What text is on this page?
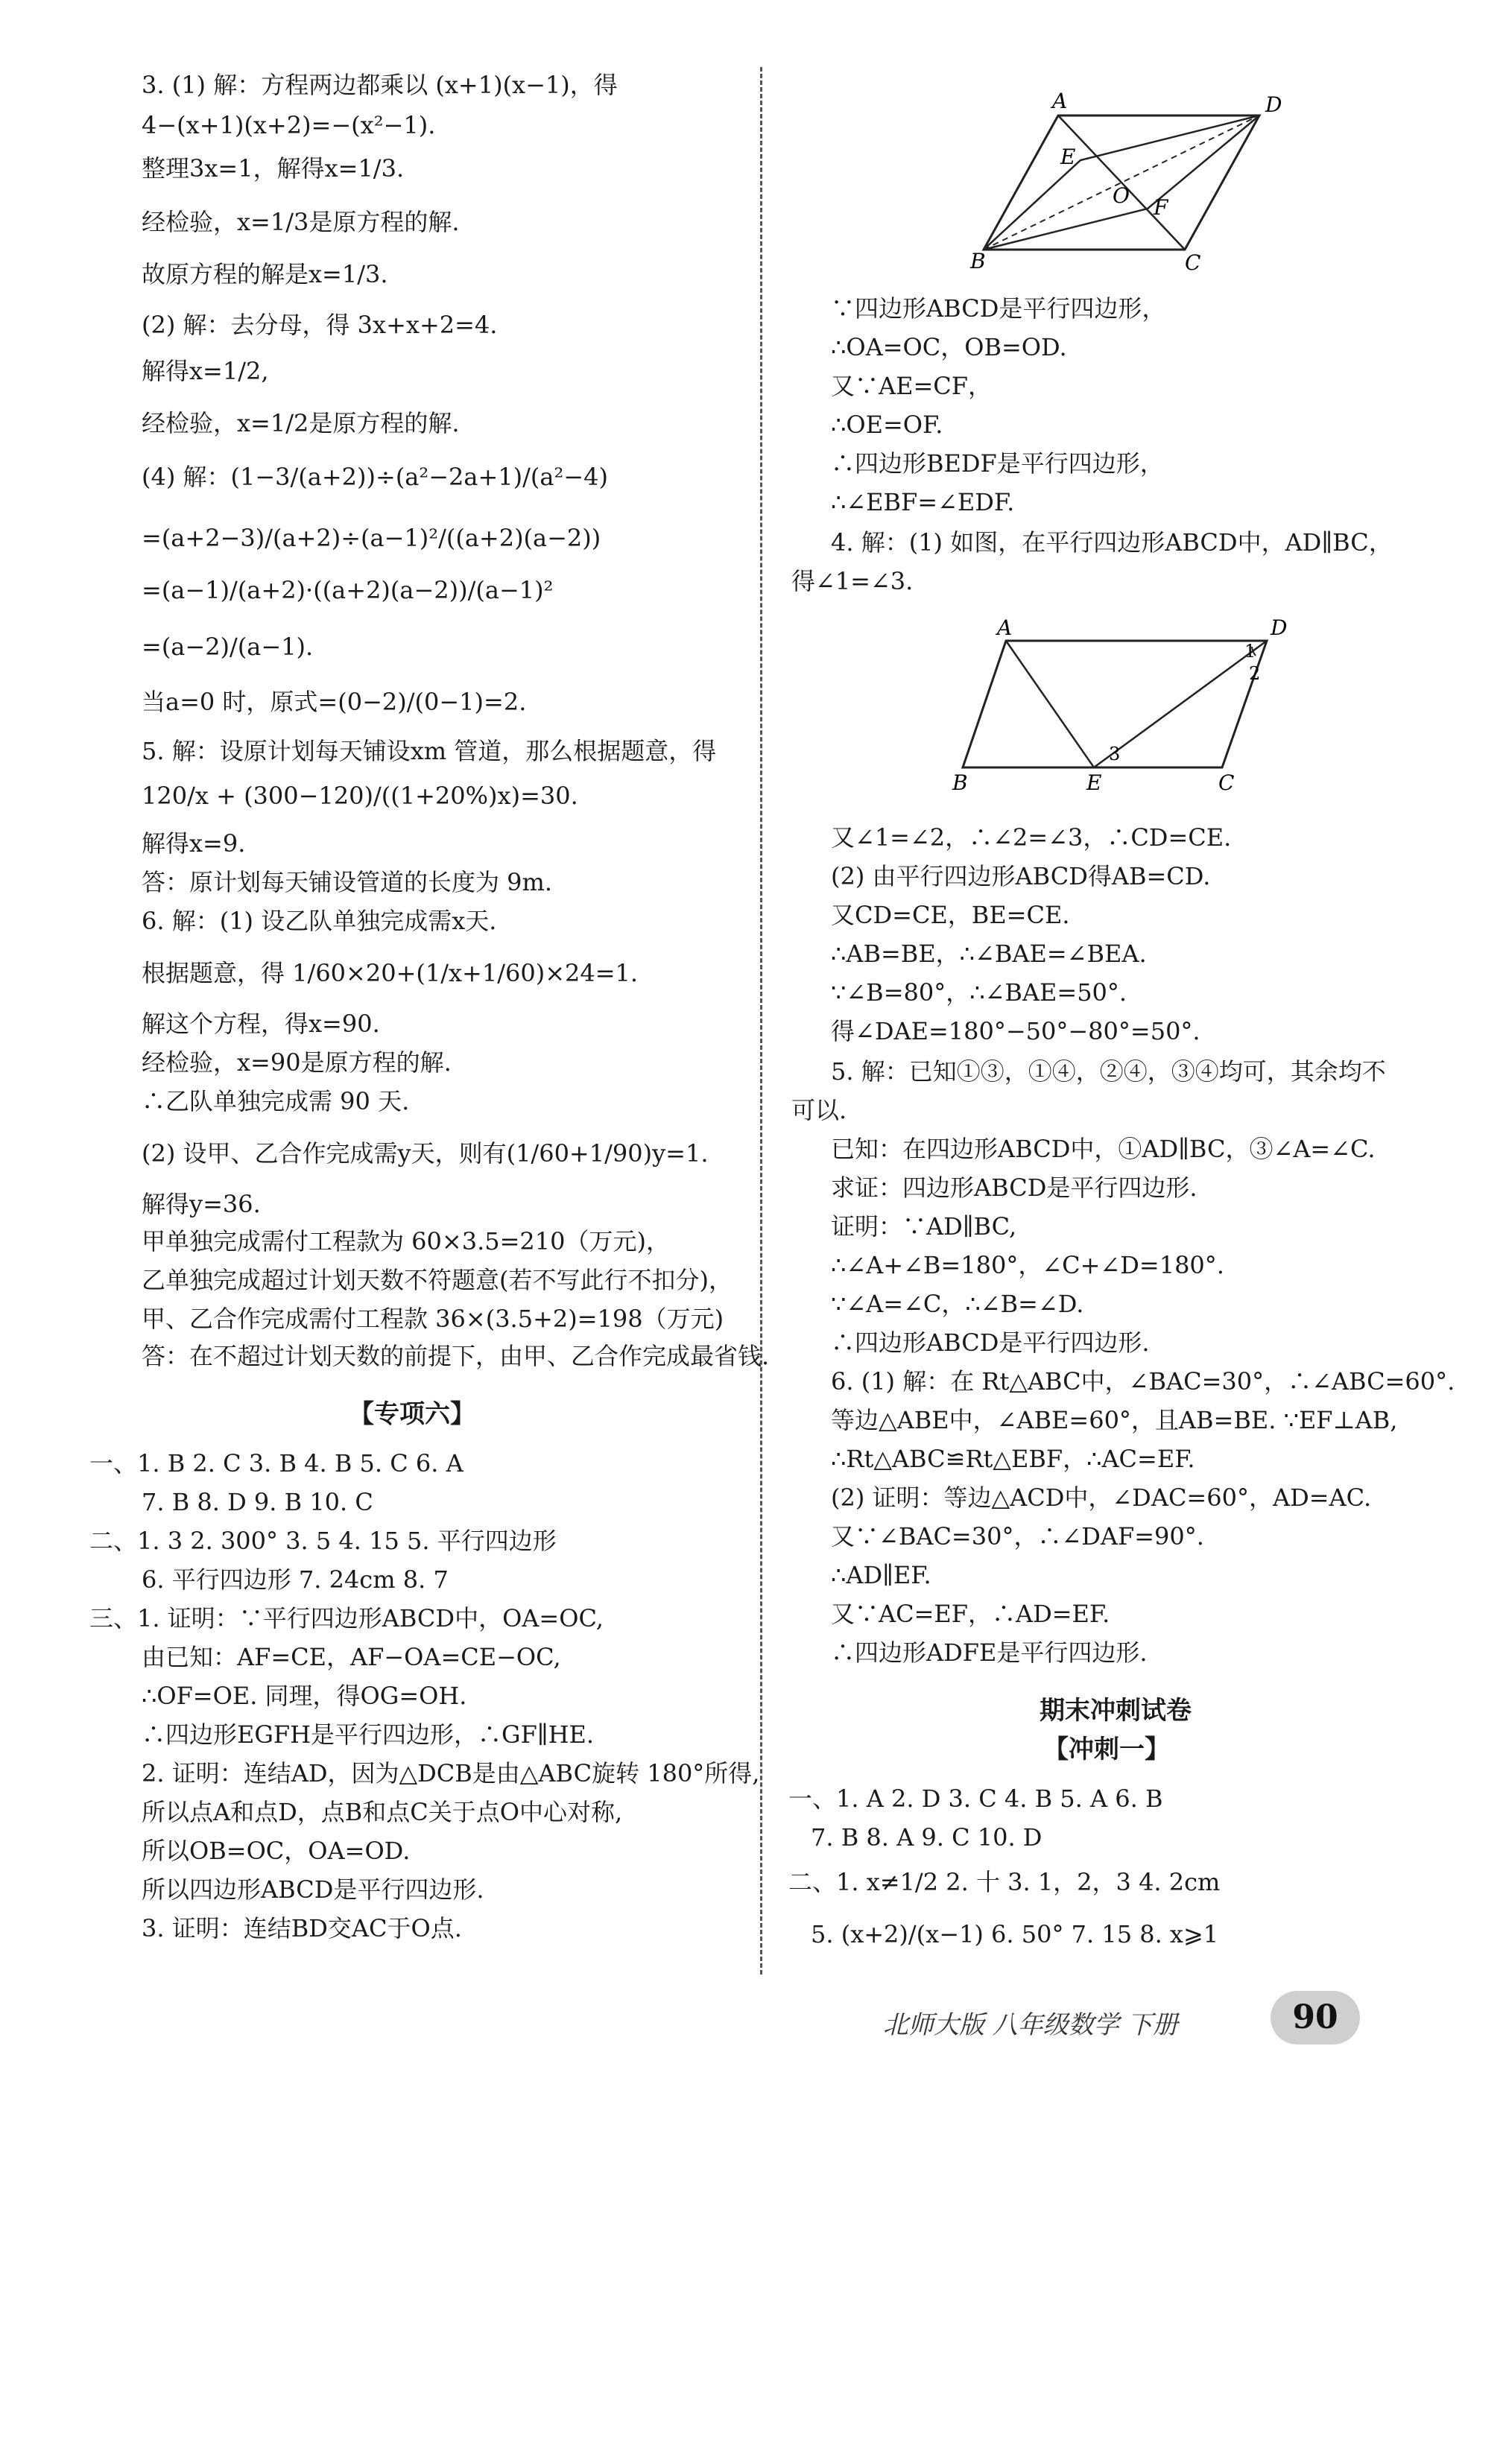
3. (1) 解：方程两边都乘以 (x+1)(x−1)，得
4−(x+1)(x+2)=−(x²−1).
整理3x=1，解得x=1/3.
经检验，x=1/3是原方程的解.
故原方程的解是x=1/3.
(2) 解：去分母，得 3x+x+2=4.
解得x=1/2,
经检验，x=1/2是原方程的解.
(4) 解：(1−3/(a+2))÷(a²−2a+1)/(a²−4)
=(a+2−3)/(a+2)÷(a−1)²/((a+2)(a−2))
=(a−1)/(a+2)·((a+2)(a−2))/(a−1)²
=(a−2)/(a−1).
当a=0 时，原式=(0−2)/(0−1)=2.
5. 解：设原计划每天铺设xm 管道，那么根据题意，得
120/x + (300−120)/((1+20%)x)=30.
解得x=9.
答：原计划每天铺设管道的长度为 9m.
6. 解：(1) 设乙队单独完成需x天.
根据题意，得 1/60×20+(1/x+1/60)×24=1.
解这个方程，得x=90.
经检验，x=90是原方程的解.
∴乙队单独完成需 90 天.
(2) 设甲、乙合作完成需y天，则有(1/60+1/90)y=1.
解得y=36.
甲单独完成需付工程款为 60×3.5=210（万元)，
乙单独完成超过计划天数不符题意(若不写此行不扣分)，
甲、乙合作完成需付工程款 36×(3.5+2)=198（万元)
答：在不超过计划天数的前提下，由甲、乙合作完成最省钱.
【专项六】
一、1. B 2. C 3. B 4. B 5. C 6. A
7. B 8. D 9. B 10. C
二、1. 3 2. 300° 3. 5 4. 15 5. 平行四边形
6. 平行四边形 7. 24cm 8. 7
三、1. 证明：∵平行四边形ABCD中，OA=OC,
由已知：AF=CE，AF−OA=CE−OC,
∴OF=OE. 同理，得OG=OH.
∴四边形EGFH是平行四边形，∴GF∥HE.
2. 证明：连结AD，因为△DCB是由△ABC旋转 180°所得,
所以点A和点D，点B和点C关于点O中心对称,
所以OB=OC，OA=OD.
所以四边形ABCD是平行四边形.
3. 证明：连结BD交AC于O点.
A	D
E
O F
B	C
A	D
1
2
3
B	E	C
∵四边形ABCD是平行四边形，
∴OA=OC，OB=OD.
又∵AE=CF，
∴OE=OF.
∴四边形BEDF是平行四边形，
∴∠EBF=∠EDF.
4. 解：(1) 如图，在平行四边形ABCD中，AD∥BC，
得∠1=∠3.
又∠1=∠2，∴∠2=∠3，∴CD=CE.
(2) 由平行四边形ABCD得AB=CD.
又CD=CE，BE=CE.
∴AB=BE，∴∠BAE=∠BEA.
∵∠B=80°，∴∠BAE=50°.
得∠DAE=180°−50°−80°=50°.
5. 解：已知①③，①④，②④，③④均可，其余均不
可以.
已知：在四边形ABCD中，①AD∥BC，③∠A=∠C.
求证：四边形ABCD是平行四边形.
证明：∵AD∥BC,
∴∠A+∠B=180°，∠C+∠D=180°.
∵∠A=∠C，∴∠B=∠D.
∴四边形ABCD是平行四边形.
6. (1) 解：在 Rt△ABC中，∠BAC=30°，∴∠ABC=60°.
等边△ABE中，∠ABE=60°，且AB=BE. ∵EF⊥AB,
∴Rt△ABC≌Rt△EBF，∴AC=EF.
(2) 证明：等边△ACD中，∠DAC=60°，AD=AC.
又∵∠BAC=30°，∴∠DAF=90°.
∴AD∥EF.
又∵AC=EF，∴AD=EF.
∴四边形ADFE是平行四边形.
期末冲刺试卷
【冲刺一】
一、1. A 2. D 3. C 4. B 5. A 6. B
7. B 8. A 9. C 10. D
二、1. x≠1/2 2. 十 3. 1，2，3 4. 2cm
5. (x+2)/(x−1) 6. 50° 7. 15 8. x⩾1
北师大版 八年级数学 下册	90
